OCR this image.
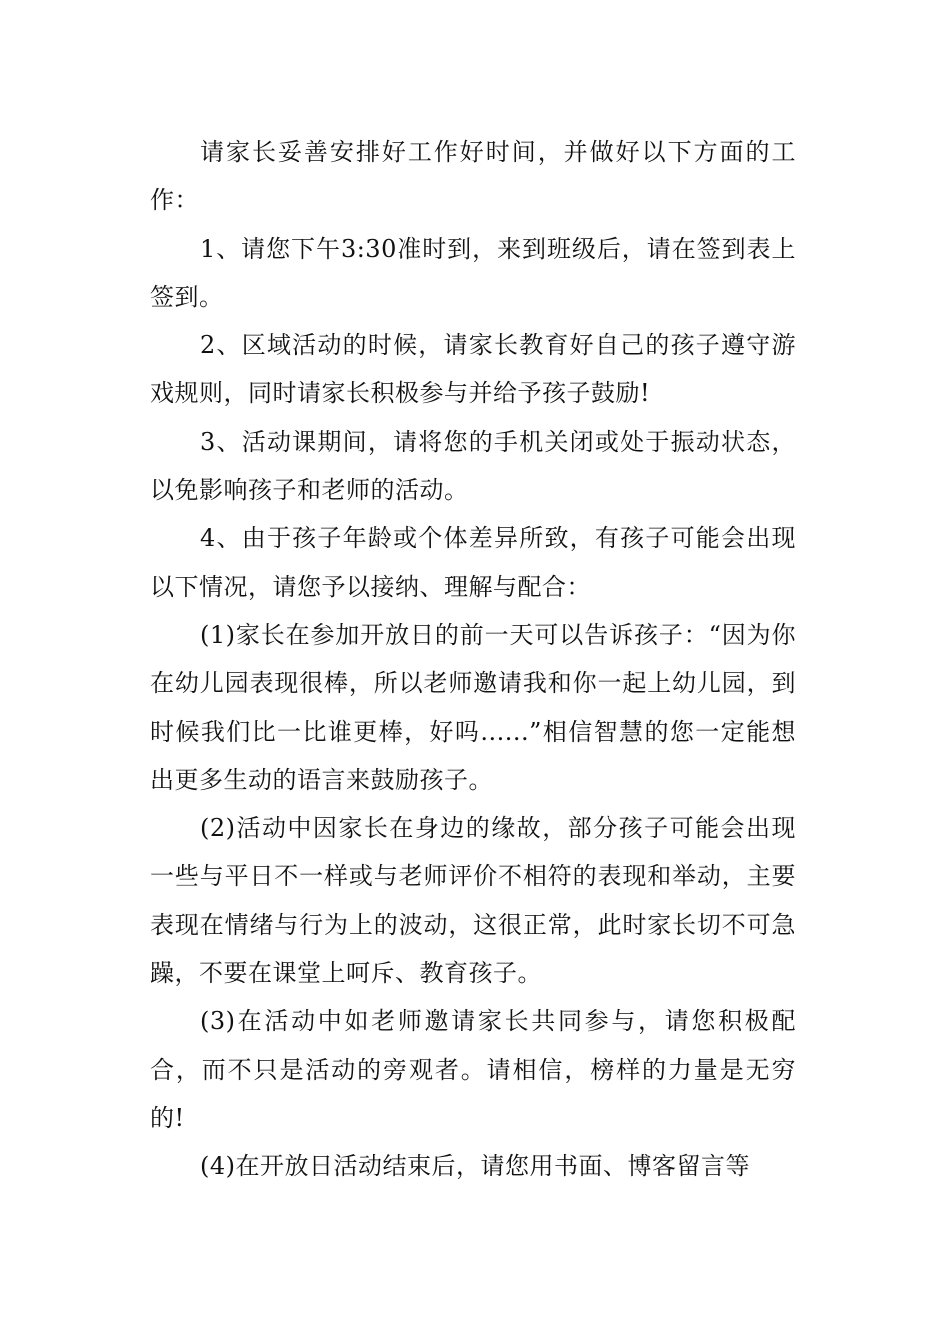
请家长妥善安排好工作好时间，并做好以下方面的工作：

1、请您下午3:30准时到，来到班级后，请在签到表上签到。

2、区域活动的时候，请家长教育好自己的孩子遵守游戏规则，同时请家长积极参与并给予孩子鼓励!

3、活动课期间，请将您的手机关闭或处于振动状态，以免影响孩子和老师的活动。

4、由于孩子年龄或个体差异所致，有孩子可能会出现以下情况，请您予以接纳、理解与配合：

(1)家长在参加开放日的前一天可以告诉孩子：“因为你在幼儿园表现很棒，所以老师邀请我和你一起上幼儿园，到时候我们比一比谁更棒，好吗......”相信智慧的您一定能想出更多生动的语言来鼓励孩子。

(2)活动中因家长在身边的缘故，部分孩子可能会出现一些与平日不一样或与老师评价不相符的表现和举动，主要表现在情绪与行为上的波动，这很正常，此时家长切不可急躁，不要在课堂上呵斥、教育孩子。

(3)在活动中如老师邀请家长共同参与，请您积极配合，而不只是活动的旁观者。请相信，榜样的力量是无穷的!

(4)在开放日活动结束后，请您用书面、博客留言等
